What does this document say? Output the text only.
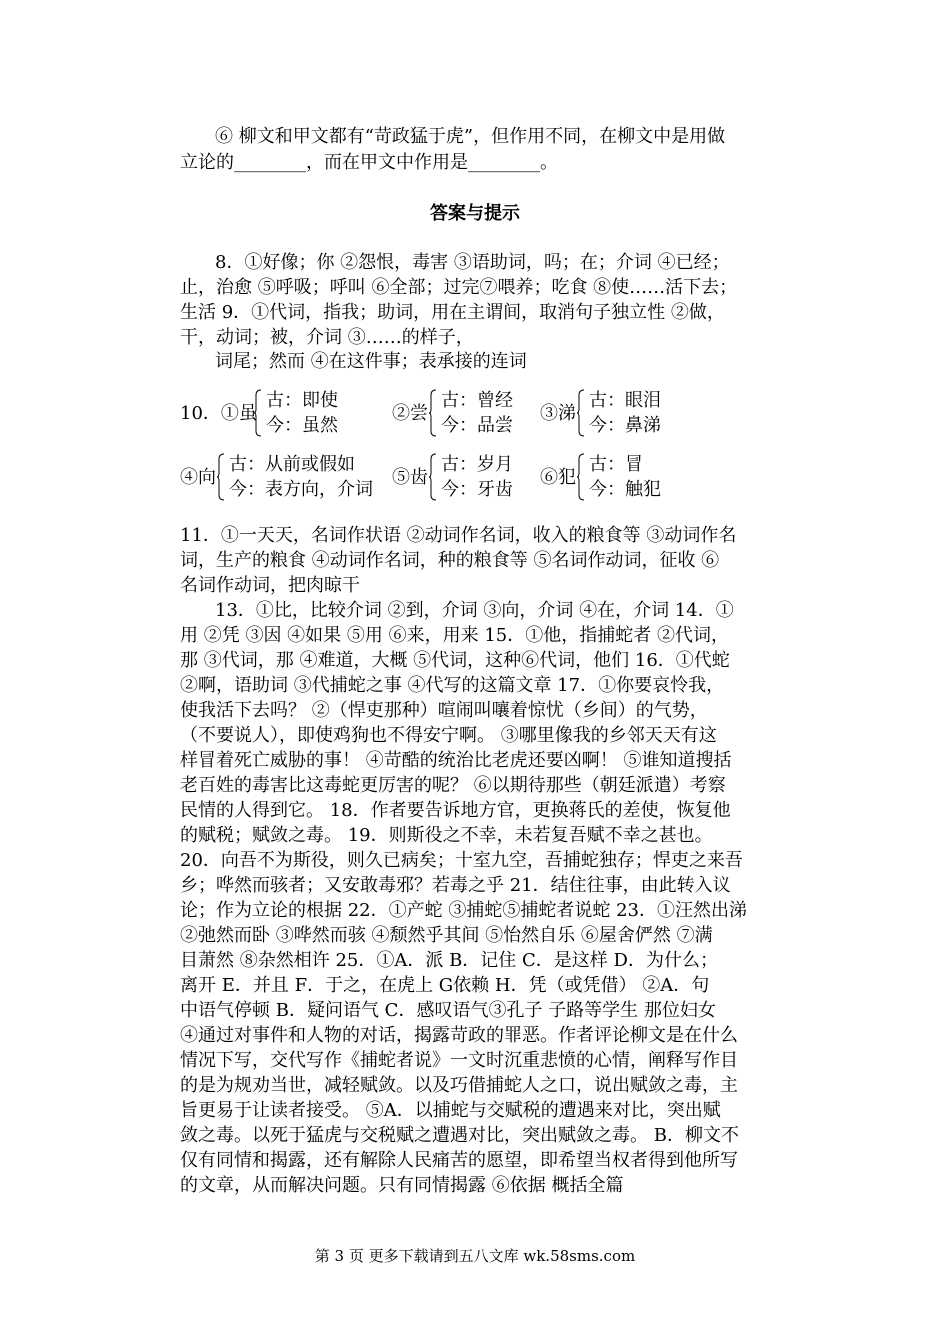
⑥ 柳文和甲文都有“苛政猛于虎”，但作用不同，在柳文中是用做
立论的________，而在甲文中作用是________。
答案与提示
8．①好像；你 ②怨恨，毒害 ③语助词，吗；在；介词 ④已经；
止，治愈 ⑤呼吸；呼叫 ⑥全部；过完⑦喂养；吃食 ⑧使……活下去；
生活 9．①代词，指我；助词，用在主谓间，取消句子独立性 ②做，
干，动词；被，介词 ③……的样子，
词尾；然而 ④在这件事；表承接的连词
10．①虽
古：即使
今：虽然
②尝
古：曾经
今：品尝
③涕
古：眼泪
今：鼻涕
④向
古：从前或假如
今：表方向，介词
⑤齿
古：岁月
今：牙齿
⑥犯
古：冒
今：触犯
11．①一天天，名词作状语 ②动词作名词，收入的粮食等 ③动词作名
词，生产的粮食 ④动词作名词，种的粮食等 ⑤名词作动词，征收 ⑥
名词作动词，把肉晾干
13．①比，比较介词 ②到，介词 ③向，介词 ④在，介词 14．①
用 ②凭 ③因 ④如果 ⑤用 ⑥来，用来 15．①他，指捕蛇者 ②代词，
那 ③代词，那 ④难道，大概 ⑤代词，这种⑥代词，他们 16．①代蛇
②啊，语助词 ③代捕蛇之事 ④代写的这篇文章 17．①你要哀怜我，
使我活下去吗？ ②（悍吏那种）喧闹叫嚷着惊忧（乡间）的气势，
（不要说人），即使鸡狗也不得安宁啊。 ③哪里像我的乡邻天天有这
样冒着死亡威胁的事！ ④苛酷的统治比老虎还要凶啊！ ⑤谁知道搜括
老百姓的毒害比这毒蛇更厉害的呢？ ⑥以期待那些（朝廷派遣）考察
民情的人得到它。 18．作者要告诉地方官，更换蒋氏的差使，恢复他
的赋税；赋敛之毒。 19．则斯役之不幸，未若复吾赋不幸之甚也。
20．向吾不为斯役，则久已病矣；十室九空，吾捕蛇独存；悍吏之来吾
乡；哗然而骇者；又安敢毒邪？若毒之乎 21．结住往事，由此转入议
论；作为立论的根据 22．①产蛇 ③捕蛇⑤捕蛇者说蛇 23．①汪然出涕
②弛然而卧 ③哗然而骇 ④颓然乎其间 ⑤怡然自乐 ⑥屋舍俨然 ⑦满
目萧然 ⑧杂然相许 25．①A．派 B．记住 C．是这样 D．为什么；
离开 E．并且 F．于之，在虎上 G依赖 H．凭（或凭借） ②A．句
中语气停顿 B．疑问语气 C．感叹语气③孔子 子路等学生 那位妇女
④通过对事件和人物的对话，揭露苛政的罪恶。作者评论柳文是在什么
情况下写，交代写作《捕蛇者说》一文时沉重悲愤的心情，阐释写作目
的是为规劝当世，减轻赋敛。以及巧借捕蛇人之口，说出赋敛之毒，主
旨更易于让读者接受。 ⑤A．以捕蛇与交赋税的遭遇来对比，突出赋
敛之毒。以死于猛虎与交税赋之遭遇对比，突出赋敛之毒。 B．柳文不
仅有同情和揭露，还有解除人民痛苦的愿望，即希望当权者得到他所写
的文章，从而解决问题。只有同情揭露 ⑥依据 概括全篇
第 3 页 更多下载请到五八文库 wk.58sms.com
